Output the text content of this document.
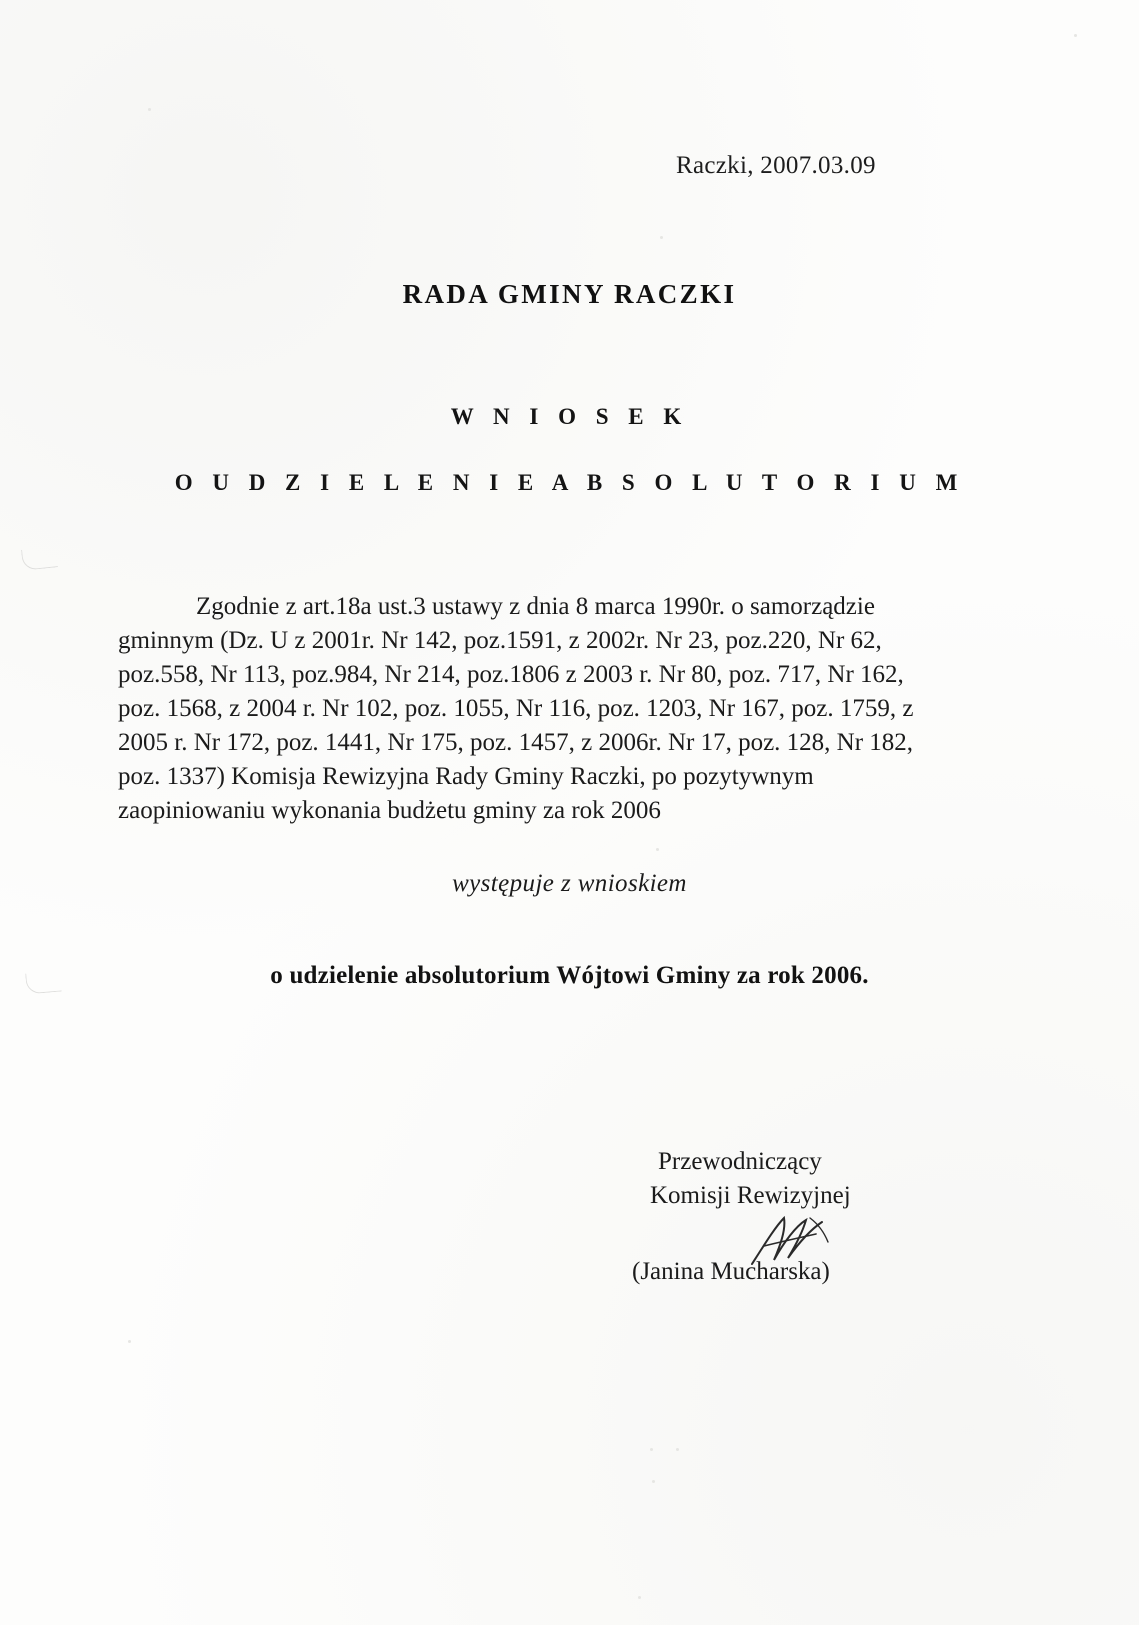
Raczki, 2007.03.09
RADA GMINY RACZKI
W N I O S E K
O U D Z I E L E N I E A B S O L U T O R I U M
Zgodnie z art.18a ust.3 ustawy z dnia 8 marca 1990r. o samorządzie gminnym (Dz. U z 2001r. Nr 142, poz.1591, z 2002r. Nr 23, poz.220, Nr 62, poz.558, Nr 113, poz.984, Nr 214, poz.1806 z 2003 r. Nr 80, poz. 717, Nr 162, poz. 1568, z 2004 r. Nr 102, poz. 1055, Nr 116, poz. 1203, Nr 167, poz. 1759, z 2005 r. Nr 172, poz. 1441, Nr 175, poz. 1457, z 2006r. Nr 17, poz. 128, Nr 182, poz. 1337) Komisja Rewizyjna Rady Gminy Raczki, po pozytywnym zaopiniowaniu wykonania budżetu gminy za rok 2006
występuje z wnioskiem
o udzielenie absolutorium Wójtowi Gminy za rok 2006.
Przewodniczący
Komisji Rewizyjnej
(Janina Mucharska)
